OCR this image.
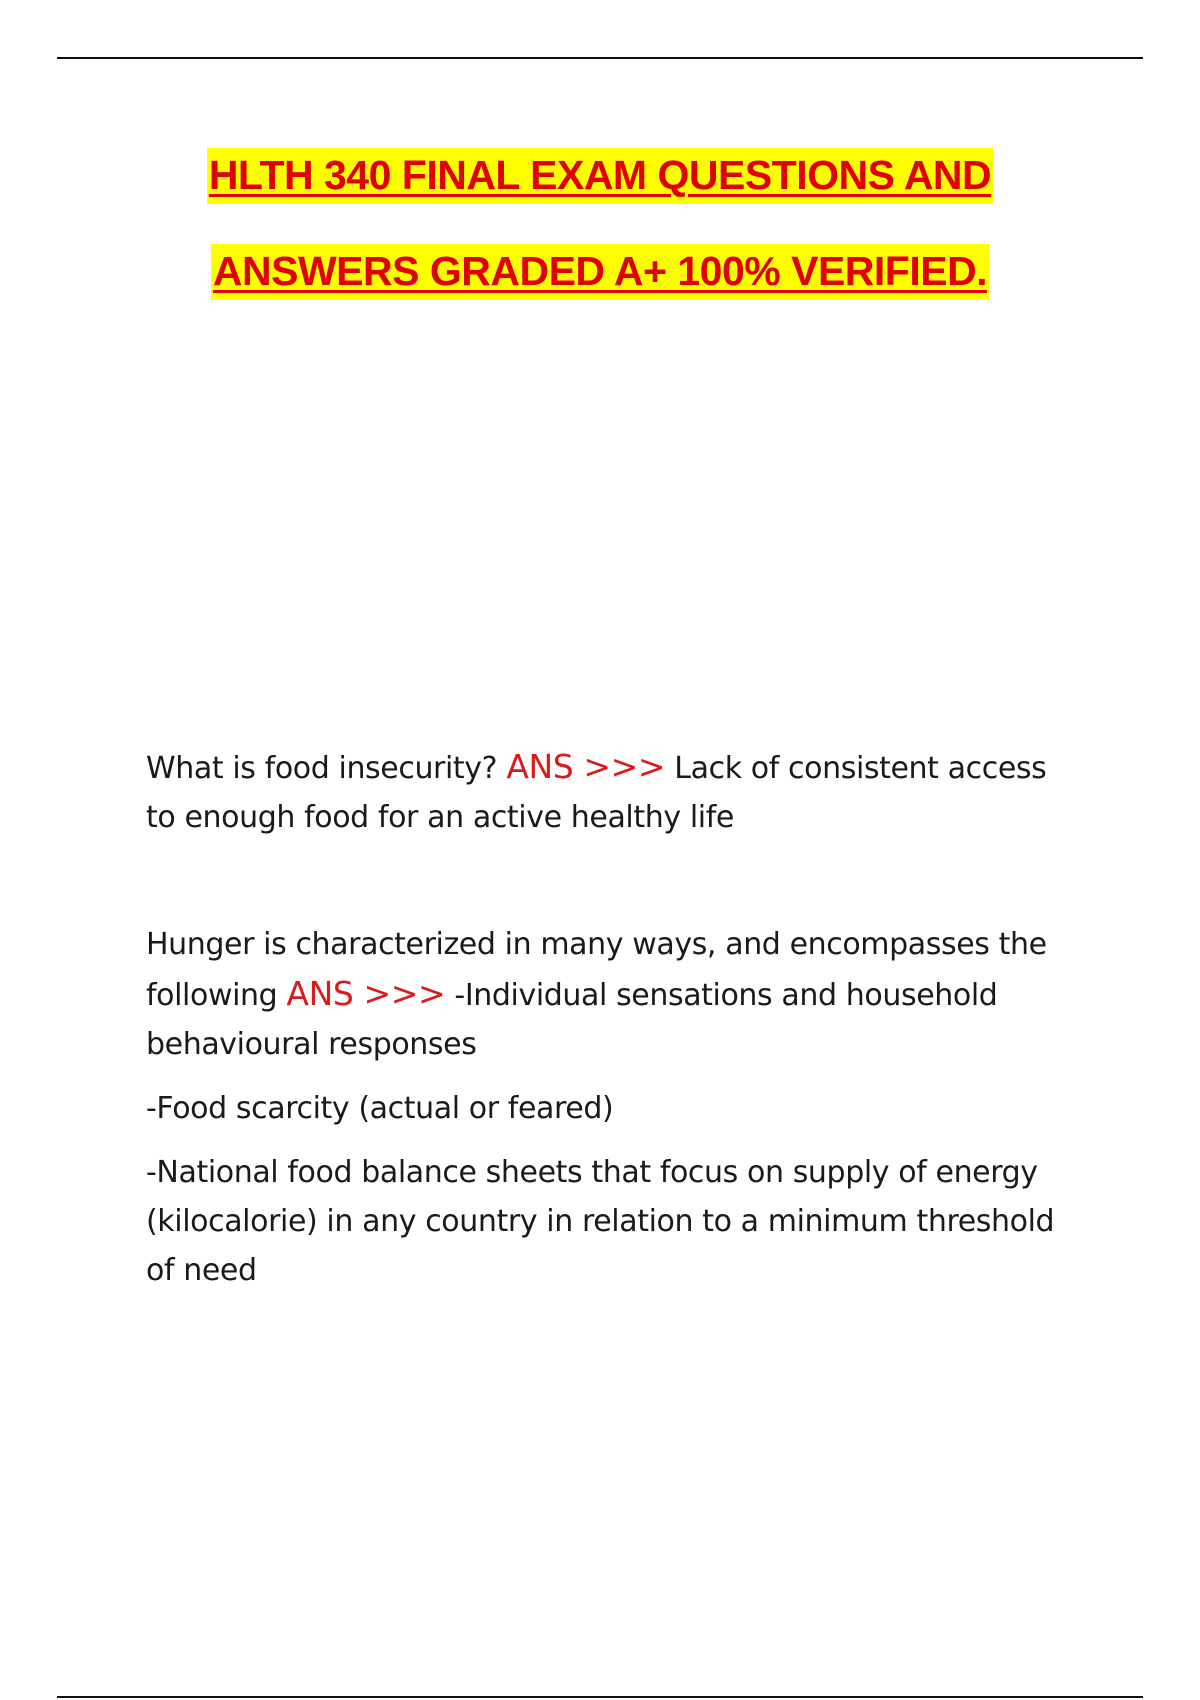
HLTH 340 FINAL EXAM QUESTIONS AND
ANSWERS GRADED A+ 100% VERIFIED.

What is food insecurity? ANS >>> Lack of consistent access to enough food for an active healthy life

Hunger is characterized in many ways, and encompasses the following ANS >>> -Individual sensations and household behavioural responses

-Food scarcity (actual or feared)

-National food balance sheets that focus on supply of energy (kilocalorie) in any country in relation to a minimum threshold of need
